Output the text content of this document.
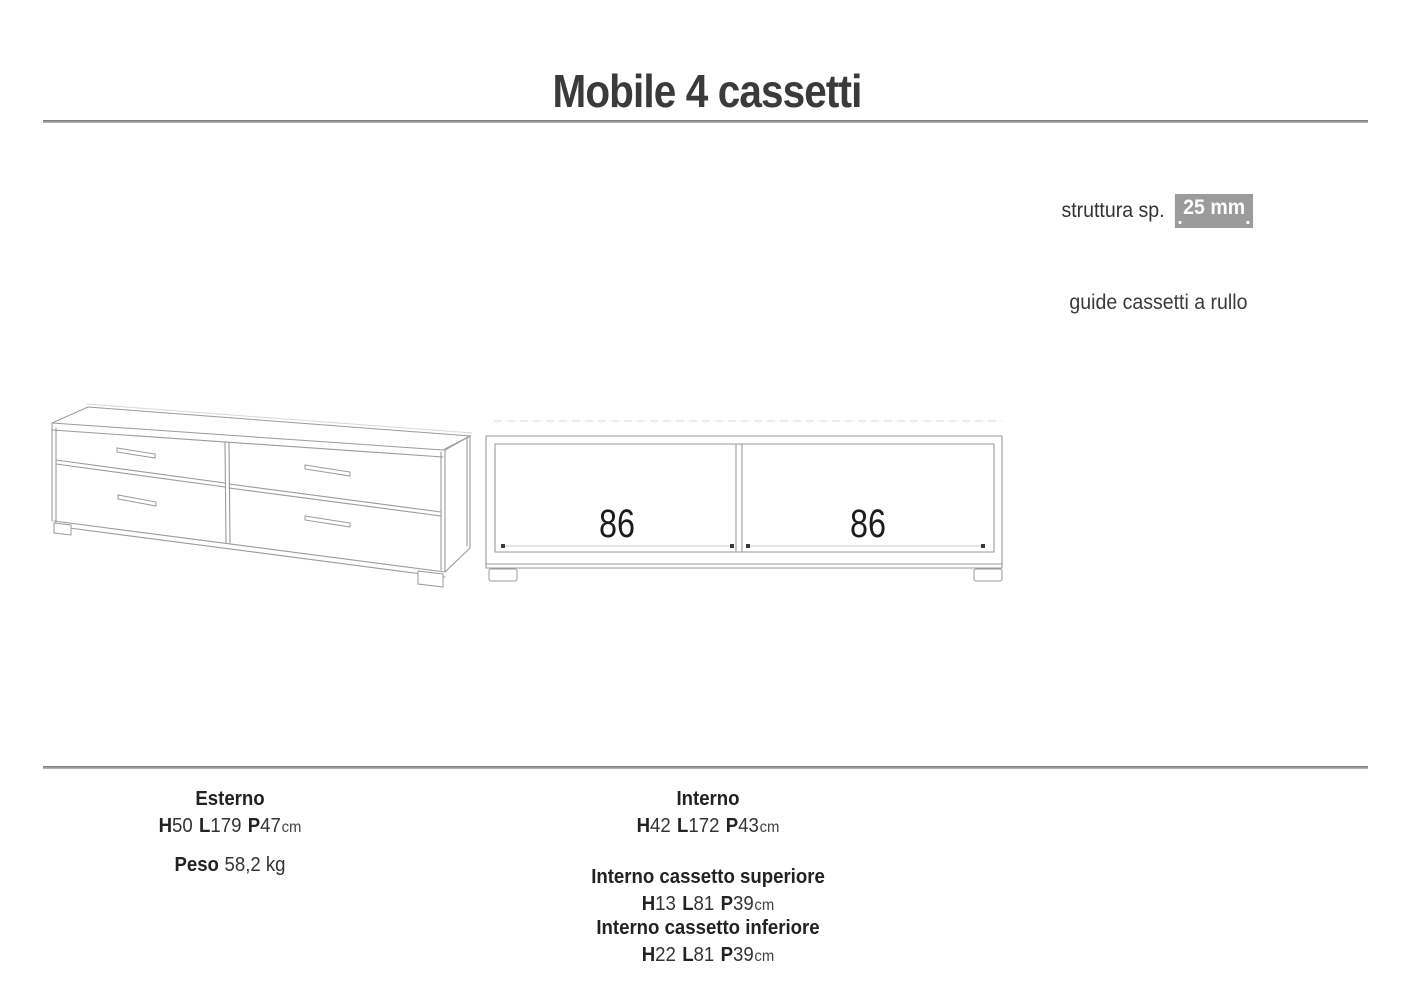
Mobile 4 cassetti
struttura sp. 25 mm
guide cassetti a rullo
86	86
Esterno
H50 L179 P47cm
Peso 58,2 kg
Interno
H42 L172 P43cm
Interno cassetto superiore
H13 L81 P39cm
Interno cassetto inferiore
H22 L81 P39cm
